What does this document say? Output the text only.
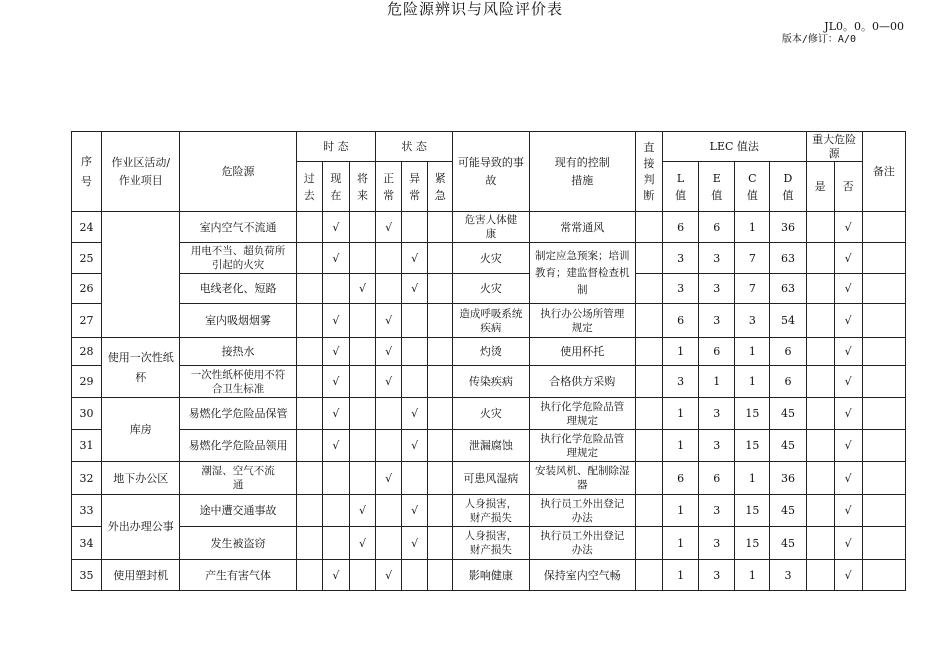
危险源辨识与风险评价表
JL0。0。0—00
版本/修订：A/0
序号	作业区活动/作业项目	危险源	时 态			状 态			可能导致的事故	现有的控制措施	直接判断	LEC 值法				重大危险源		备注

			过去	现在	将来	正常	异常	紧急				L值	E值	C值	D值	是	否	
24		室内空气不流通		√		√			危害人体健康	常常通风		6	6	1	36		√	
25		用电不当、超负荷所引起的火灾		√			√		火灾	制定应急预案；培训教育；建监督检查机制		3	3	7	63		√	
26		电线老化、短路			√		√		火灾			3	3	7	63		√	
27		室内吸烟烟雾		√		√			造成呼吸系统疾病	执行办公场所管理规定		6	3	3	54		√	
28	使用一次性纸杯	接热水		√		√			灼烫	使用杯托		1	6	1	6		√	
29		一次性纸杯使用不符合卫生标准		√		√			传染疾病	合格供方采购		3	1	1	6		√	
30	库房	易燃化学危险品保管		√			√		火灾	执行化学危险品管理规定		1	3	15	45		√	
31		易燃化学危险品领用		√			√		泄漏腐蚀	执行化学危险品管理规定		1	3	15	45		√	
32	地下办公区	潮湿、空气不流通				√			可患风湿病	安装风机、配制除湿器		6	6	1	36		√	
33	外出办理公事	途中遭交通事故			√		√		人身损害，财产损失	执行员工外出登记办法		1	3	15	45		√	
34		发生被盗窃			√		√		人身损害，财产损失	执行员工外出登记办法		1	3	15	45		√	
35	使用塑封机	产生有害气体		√		√			影响健康	保持室内空气畅		1	3	1	3		√	
